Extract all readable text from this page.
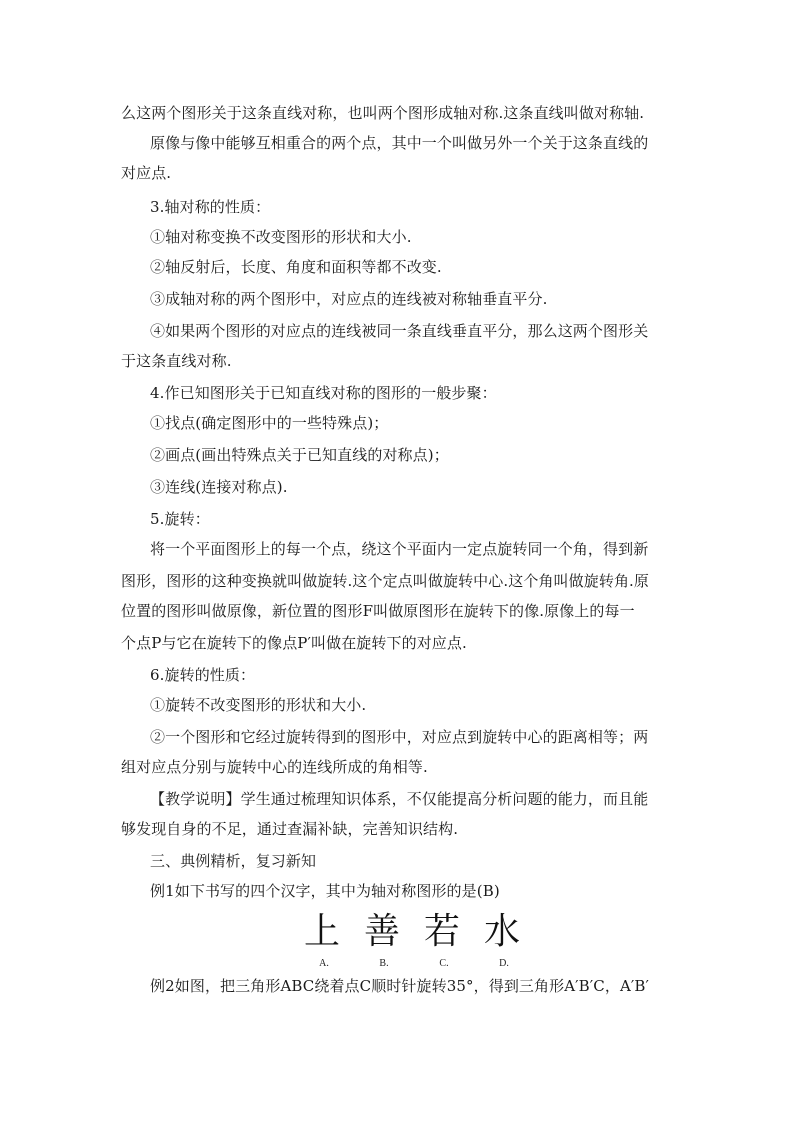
么这两个图形关于这条直线对称，也叫两个图形成轴对称.这条直线叫做对称轴.
原像与像中能够互相重合的两个点，其中一个叫做另外一个关于这条直线的
对应点.
3.轴对称的性质：
①轴对称变换不改变图形的形状和大小.
②轴反射后，长度、角度和面积等都不改变.
③成轴对称的两个图形中，对应点的连线被对称轴垂直平分.
④如果两个图形的对应点的连线被同一条直线垂直平分，那么这两个图形关
于这条直线对称.
4.作已知图形关于已知直线对称的图形的一般步聚：
①找点(确定图形中的一些特殊点)；
②画点(画出特殊点关于已知直线的对称点)；
③连线(连接对称点).
5.旋转：
将一个平面图形上的每一个点，绕这个平面内一定点旋转同一个角，得到新
图形，图形的这种变换就叫做旋转.这个定点叫做旋转中心.这个角叫做旋转角.原
位置的图形叫做原像，新位置的图形F叫做原图形在旋转下的像.原像上的每一
个点P与它在旋转下的像点P′叫做在旋转下的对应点.
6.旋转的性质：
①旋转不改变图形的形状和大小.
②一个图形和它经过旋转得到的图形中，对应点到旋转中心的距离相等；两
组对应点分别与旋转中心的连线所成的角相等.
【教学说明】学生通过梳理知识体系，不仅能提高分析问题的能力，而且能
够发现自身的不足，通过查漏补缺，完善知识结构.
三、典例精析，复习新知
例1如下书写的四个汉字，其中为轴对称图形的是(B)
上 善 若 水
A.	B.	C.	D.
例2如图，把三角形ABC绕着点C顺时针旋转35°，得到三角形A′B′C，A′B′
